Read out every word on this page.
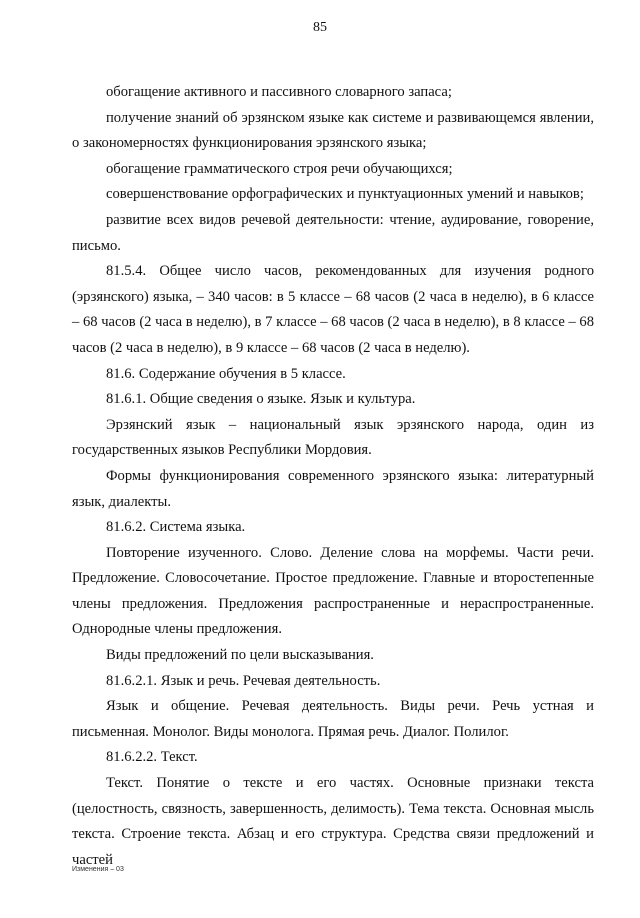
85

обогащение активного и пассивного словарного запаса;

получение знаний об эрзянском языке как системе и развивающемся явлении, о закономерностях функционирования эрзянского языка;

обогащение грамматического строя речи обучающихся;

совершенствование орфографических и пунктуационных умений и навыков;

развитие всех видов речевой деятельности: чтение, аудирование, говорение, письмо.

81.5.4. Общее число часов, рекомендованных для изучения родного (эрзянского) языка, – 340 часов: в 5 классе – 68 часов (2 часа в неделю), в 6 классе – 68 часов (2 часа в неделю), в 7 классе – 68 часов (2 часа в неделю), в 8 классе – 68 часов (2 часа в неделю), в 9 классе – 68 часов (2 часа в неделю).

81.6. Содержание обучения в 5 классе.

81.6.1. Общие сведения о языке. Язык и культура.

Эрзянский язык – национальный язык эрзянского народа, один из государственных языков Республики Мордовия.

Формы функционирования современного эрзянского языка: литературный язык, диалекты.

81.6.2. Система языка.

Повторение изученного. Слово. Деление слова на морфемы. Части речи. Предложение. Словосочетание. Простое предложение. Главные и второстепенные члены предложения. Предложения распространенные и нераспространенные. Однородные члены предложения.

Виды предложений по цели высказывания.

81.6.2.1. Язык и речь. Речевая деятельность.

Язык и общение. Речевая деятельность. Виды речи. Речь устная и письменная. Монолог. Виды монолога. Прямая речь. Диалог. Полилог.

81.6.2.2. Текст.

Текст. Понятие о тексте и его частях. Основные признаки текста (целостность, связность, завершенность, делимость). Тема текста. Основная мысль текста. Строение текста. Абзац и его структура. Средства связи предложений и частей

Изменения – 03
